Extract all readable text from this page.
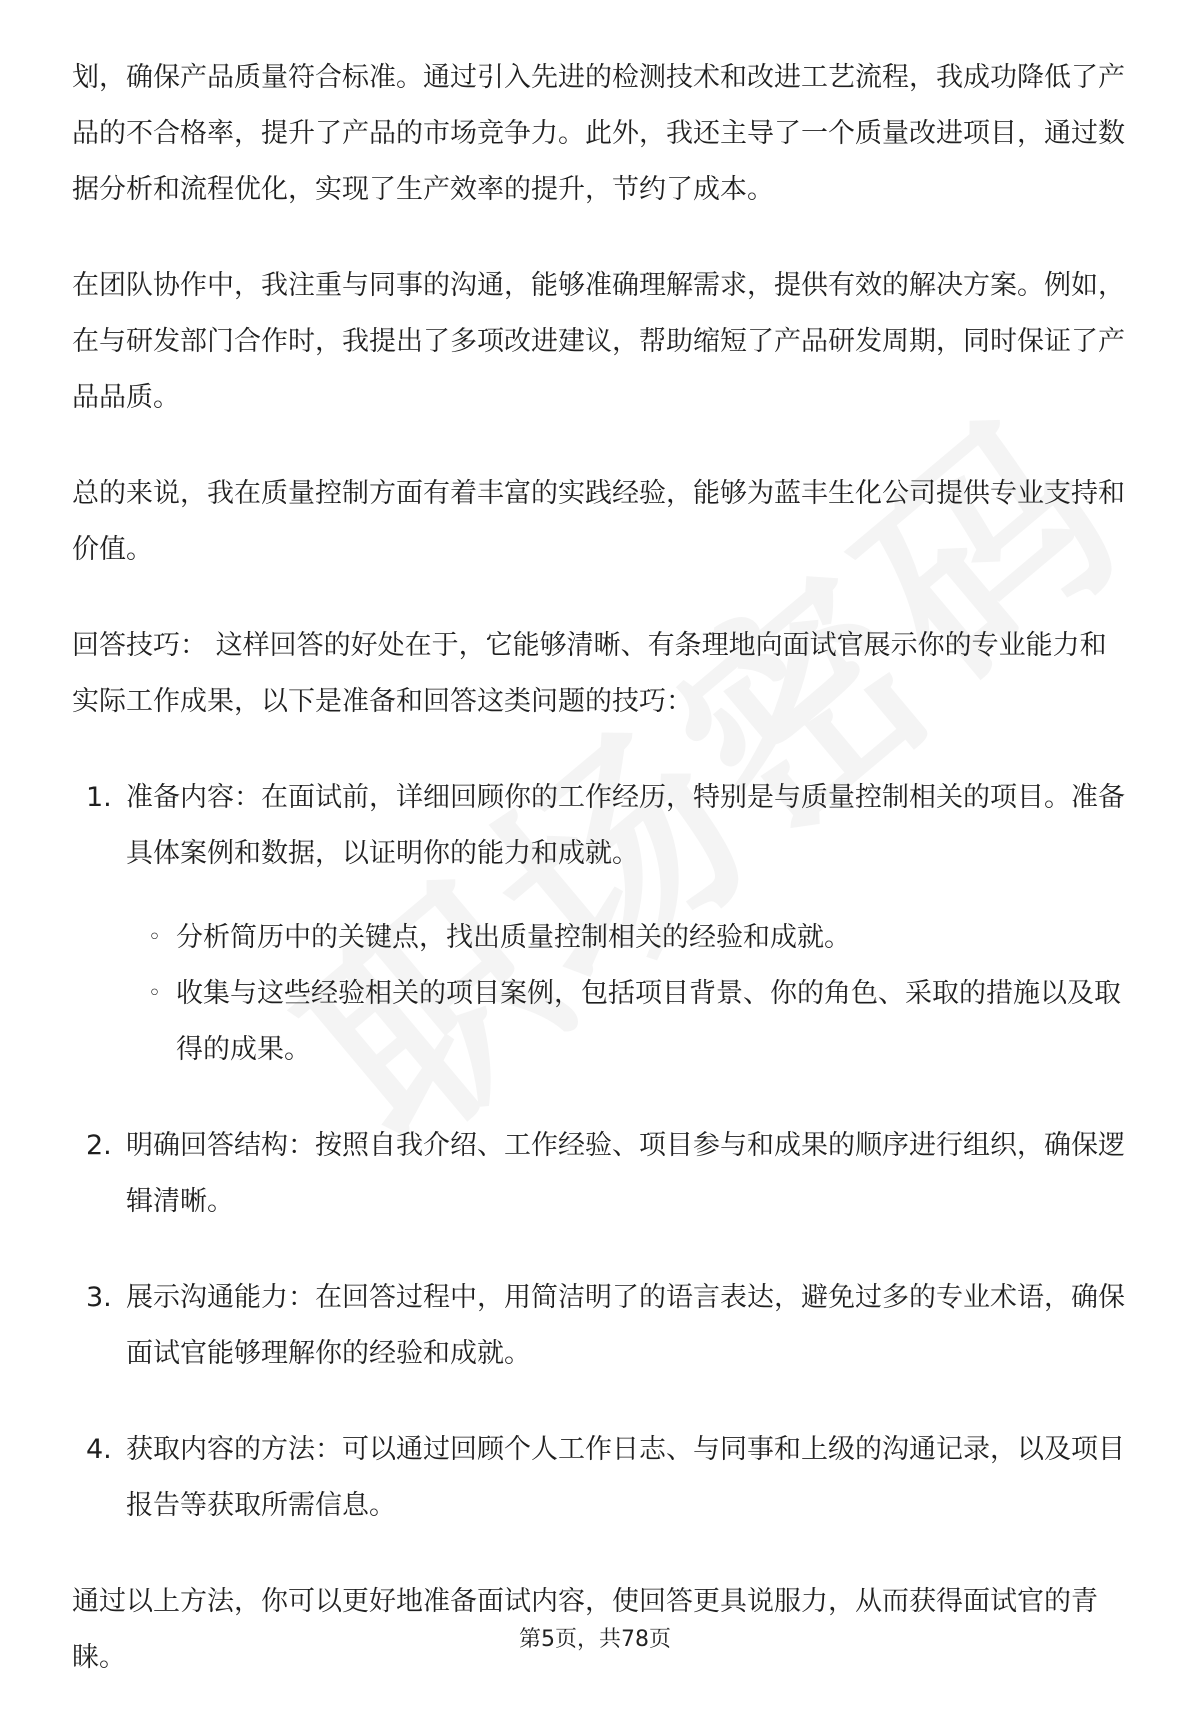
划，确保产品质量符合标准。通过引入先进的检测技术和改进工艺流程，我成功降低了产品的不合格率，提升了产品的市场竞争力。此外，我还主导了一个质量改进项目，通过数据分析和流程优化，实现了生产效率的提升，节约了成本。

在团队协作中，我注重与同事的沟通，能够准确理解需求，提供有效的解决方案。例如，在与研发部门合作时，我提出了多项改进建议，帮助缩短了产品研发周期，同时保证了产品品质。

总的来说，我在质量控制方面有着丰富的实践经验，能够为蓝丰生化公司提供专业支持和价值。

回答技巧： 这样回答的好处在于，它能够清晰、有条理地向面试官展示你的专业能力和实际工作成果，以下是准备和回答这类问题的技巧：

1. 准备内容：在面试前，详细回顾你的工作经历，特别是与质量控制相关的项目。准备具体案例和数据，以证明你的能力和成就。
◦ 分析简历中的关键点，找出质量控制相关的经验和成就。
◦ 收集与这些经验相关的项目案例，包括项目背景、你的角色、采取的措施以及取得的成果。
2. 明确回答结构：按照自我介绍、工作经验、项目参与和成果的顺序进行组织，确保逻辑清晰。
3. 展示沟通能力：在回答过程中，用简洁明了的语言表达，避免过多的专业术语，确保面试官能够理解你的经验和成就。
4. 获取内容的方法：可以通过回顾个人工作日志、与同事和上级的沟通记录，以及项目报告等获取所需信息。

通过以上方法，你可以更好地准备面试内容，使回答更具说服力，从而获得面试官的青睐。

第5页，共78页
